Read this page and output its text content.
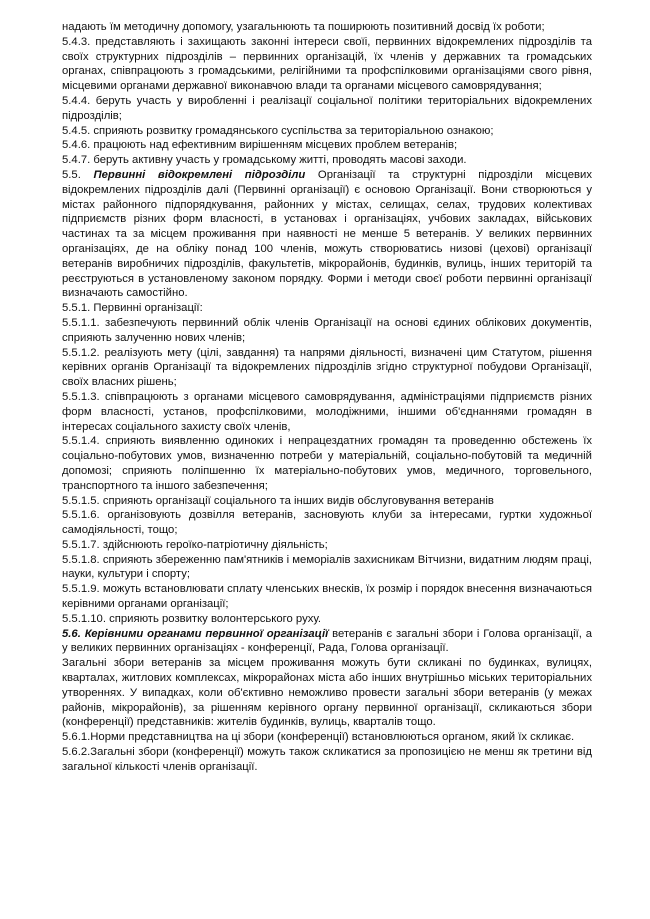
надають їм методичну допомогу, узагальнюють та поширюють позитивний досвід їх роботи;

5.4.3. представляють і захищають законні інтереси своїі, первинних відокремлених підрозділів та своїх структурних підрозділів – первинних організацій, їх членів у державних та громадських органах, співпрацюють з громадськими, релігійними та профспілковими організаціями свого рівня, місцевими органами державної виконавчою влади та органами місцевого самоврядування;

5.4.4. беруть участь у виробленні і реалізації соціальної політики територіальних відокремлених підрозділів;

5.4.5. сприяють розвитку громадянського суспільства за територіальною ознакою;

5.4.6. працюють над ефективним вирішенням місцевих проблем ветеранів;

5.4.7. беруть активну участь у громадському житті, проводять масові заходи.

5.5. Первинні відокремлені підрозділи Організації та структурні підрозділи місцевих відокремлених підрозділів далі (Первинні організації) є основою Організації. Вони створюються у містах районного підпорядкування, районних у містах, селищах, селах, трудових колективах підприємств різних форм власності, в установах і організаціях, учбових закладах, військових частинах та за місцем проживання при наявності не менше 5 ветеранів. У великих первинних організаціях, де на обліку понад 100 членів, можуть створюватись низові (цехові) організації ветеранів виробничих підрозділів, факультетів, мікрорайонів, будинків, вулиць, інших територій та реєструються в установленому законом порядку. Форми і методи своєї роботи первинні організації визначають самостійно.

5.5.1. Первинні організації:

5.5.1.1. забезпечують первинний облік членів Організації на основі єдиних облікових документів, сприяють залученню нових членів;

5.5.1.2. реалізують мету (цілі, завдання) та напрями діяльності, визначені цим Статутом, рішення керівних органів Організації та відокремлених підрозділів згідно структурної побудови Організації, своїх власних рішень;

5.5.1.3. співпрацюють з органами місцевого самоврядування, адміністраціями підприємств різних форм власності, установ, профспілковими, молодіжними, іншими об'єднаннями громадян в інтересах соціального захисту своїх членів,

5.5.1.4. сприяють виявленню одиноких і непрацездатних громадян та проведенню обстежень їх соціально-побутових умов, визначенню потреби у матеріальній, соціально-побутовій та медичній допомозі; сприяють поліпшенню їх матеріально-побутових умов, медичного, торговельного, транспортного та іншого забезпечення;

5.5.1.5. сприяють організації соціального та інших видів обслуговування ветеранів

5.5.1.6. організовують дозвілля ветеранів, засновують клуби за інтересами, гуртки художньої самодіяльності, тощо;

5.5.1.7. здійснюють героїко-патріотичну діяльність;

5.5.1.8. сприяють збереженню пам'ятників і меморіалів захисникам Вітчизни, видатним людям праці, науки, культури і спорту;

5.5.1.9. можуть встановлювати сплату членських внесків, їх розмір і порядок внесення визначаються керівними органами організації;

5.5.1.10. сприяють розвитку волонтерського руху.

5.6. Керівними органами первинної організації ветеранів є загальні збори і Голова організації, а у великих первинних організаціях - конференції, Рада, Голова організації.

Загальні збори ветеранів за місцем проживання можуть бути скликані по будинках, вулицях, кварталах, житлових комплексах, мікрорайонах міста або інших внутрішньо міських територіальних утвореннях. У випадках, коли об'єктивно неможливо провести загальні збори ветеранів (у межах районів, мікрорайонів), за рішенням керівного органу первинної організації, скликаються збори (конференції) представників: жителів будинків, вулиць, кварталів тощо.

5.6.1.Норми представництва на ці збори (конференції) встановлюються органом, який їх скликає.

5.6.2.Загальні збори (конференції) можуть також скликатися за пропозицією не менш як третини від загальної кількості членів організації.
